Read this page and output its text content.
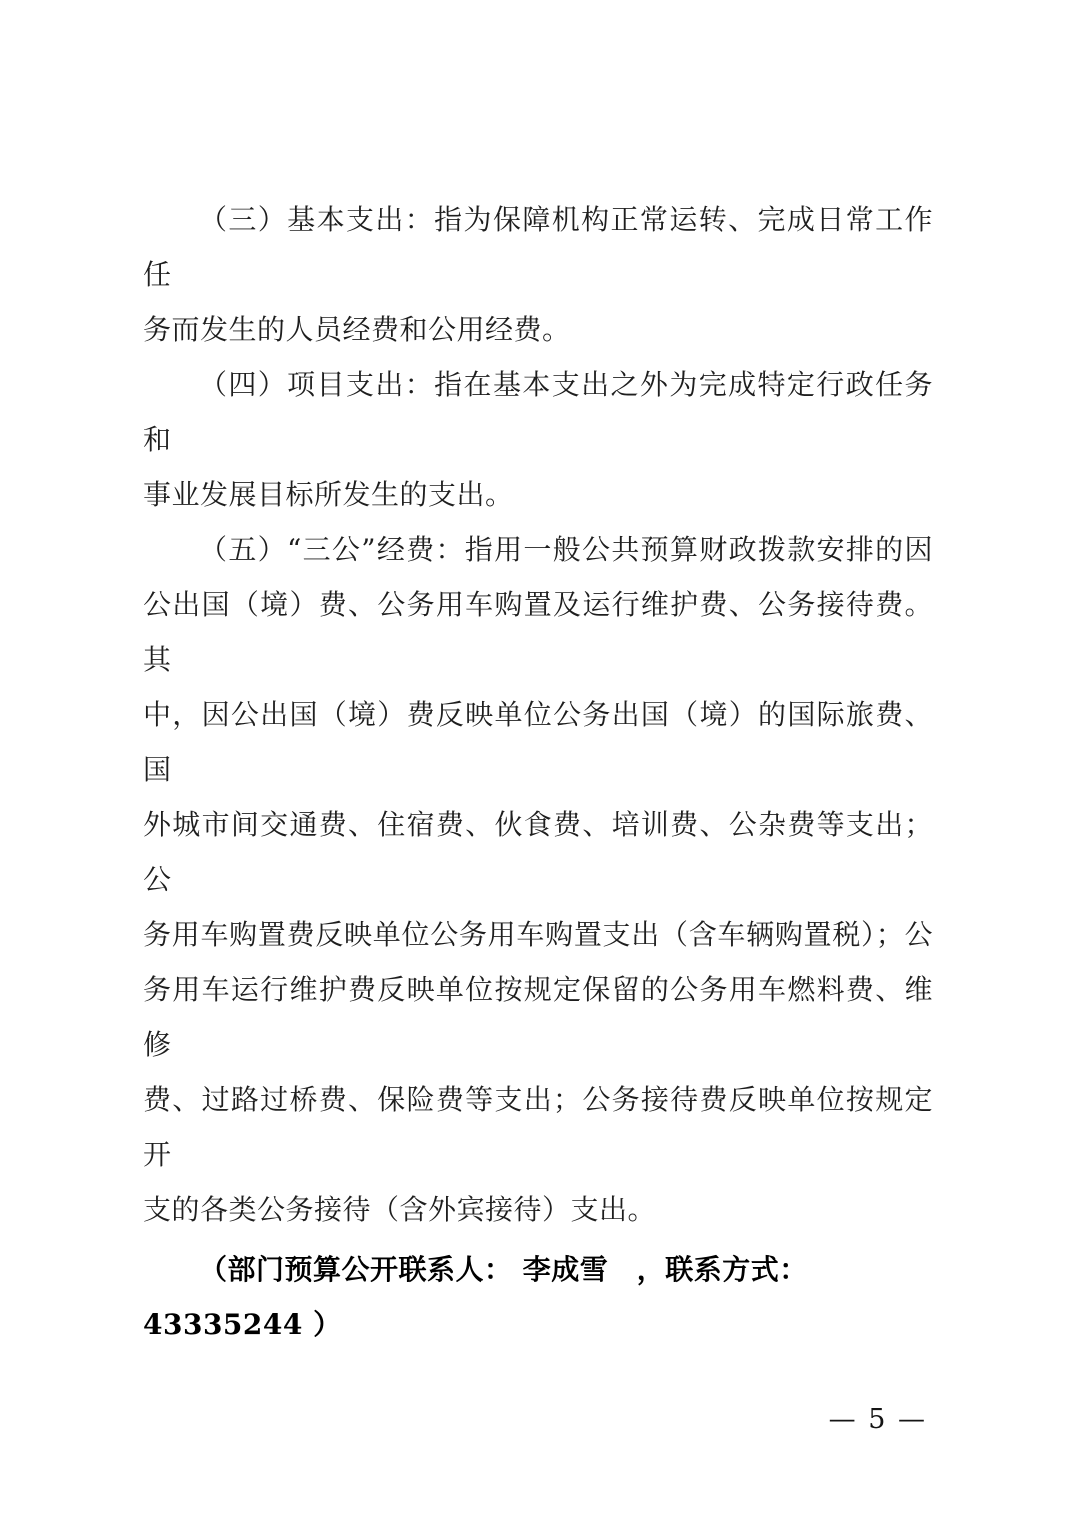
（三）基本支出：指为保障机构正常运转、完成日常工作任
务而发生的人员经费和公用经费。
（四）项目支出：指在基本支出之外为完成特定行政任务和
事业发展目标所发生的支出。
（五）“三公”经费：指用一般公共预算财政拨款安排的因
公出国（境）费、公务用车购置及运行维护费、公务接待费。其
中，因公出国（境）费反映单位公务出国（境）的国际旅费、国
外城市间交通费、住宿费、伙食费、培训费、公杂费等支出；公
务用车购置费反映单位公务用车购置支出（含车辆购置税）；公
务用车运行维护费反映单位按规定保留的公务用车燃料费、维修
费、过路过桥费、保险费等支出；公务接待费反映单位按规定开
支的各类公务接待（含外宾接待）支出。
（部门预算公开联系人： 李成雪　，联系方式：43335244 ）
— 5 —
